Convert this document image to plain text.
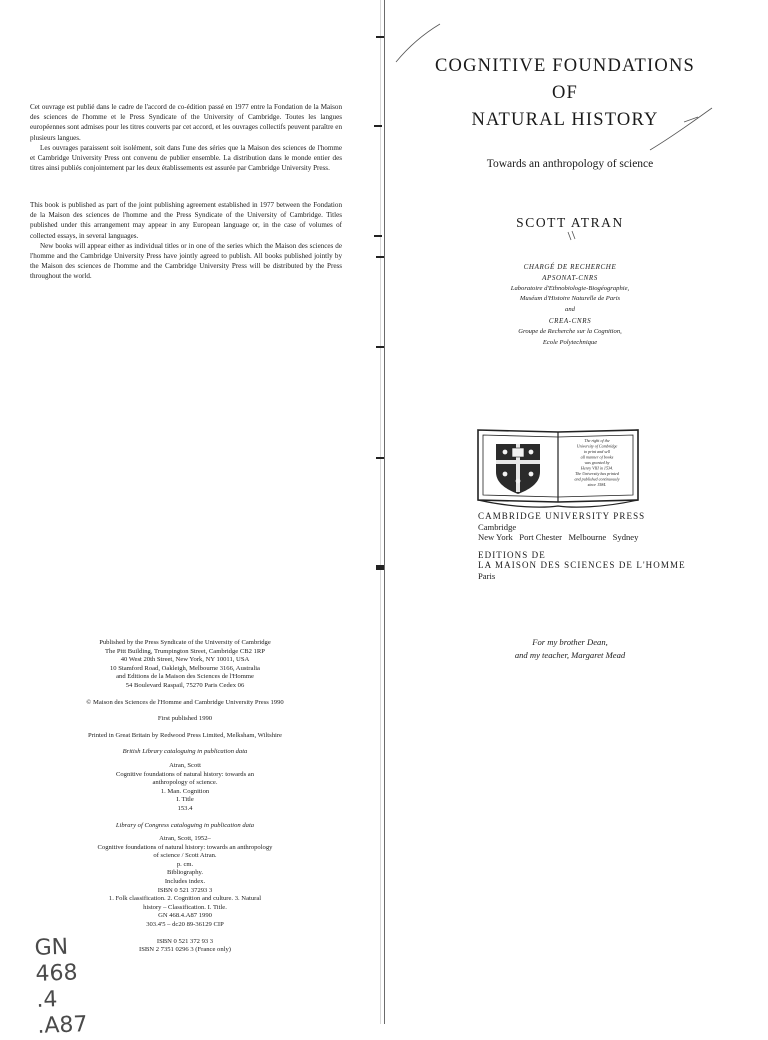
Cet ouvrage est publié dans le cadre de l'accord de co-édition passé en 1977 entre la Fondation de la Maison des sciences de l'homme et le Press Syndicate of the University of Cambridge. Toutes les langues européennes sont admises pour les titres couverts par cet accord, et les ouvrages collectifs peuvent paraître en plusieurs langues.

Les ouvrages paraissent soit isolément, soit dans l'une des séries que la Maison des sciences de l'homme et Cambridge University Press ont convenu de publier ensemble. La distribution dans le monde entier des titres ainsi publiés conjointement par les deux établissements est assurée par Cambridge University Press.

This book is published as part of the joint publishing agreement established in 1977 between the Fondation de la Maison des sciences de l'homme and the Press Syndicate of the University of Cambridge. Titles published under this arrangement may appear in any European language or, in the case of volumes of collected essays, in several languages.

New books will appear either as individual titles or in one of the series which the Maison des sciences de l'homme and the Cambridge University Press have jointly agreed to publish. All books published jointly by the Maison des sciences de l'homme and the Cambridge University Press will be distributed by the Press throughout the world.

Published by the Press Syndicate of the University of Cambridge
The Pitt Building, Trumpington Street, Cambridge CB2 1RP
40 West 20th Street, New York, NY 10011, USA
10 Stamford Road, Oakleigh, Melbourne 3166, Australia
and Editions de la Maison des Sciences de l'Homme
54 Boulevard Raspail, 75270 Paris Cedex 06
© Maison des Sciences de l'Homme and Cambridge University Press 1990
First published 1990
Printed in Great Britain by Redwood Press Limited, Melksham, Wiltshire
British Library cataloguing in publication data
Atran, Scott
Cognitive foundations of natural history: towards an
anthropology of science.
1. Man. Cognition
I. Title
153.4
Library of Congress cataloguing in publication data
Atran, Scott, 1952–
Cognitive foundations of natural history: towards an anthropology
of science / Scott Atran.
p. cm.
Bibliography.
Includes index.
ISBN 0 521 37293 3
1. Folk classification. 2. Cognition and culture. 3. Natural
history – Classification. I. Title.
GN 468.4.A87 1990
303.4'5 – dc20 89-36129 CIP
ISBN 0 521 372 93 3
ISBN 2 7351 0296 3 (France only)
GN
468
.4
.A87
COGNITIVE FOUNDATIONS
OF
NATURAL HISTORY
Towards an anthropology of science
SCOTT ATRAN
CHARGÉ DE RECHERCHE
APSONAT-CNRS
Laboratoire d'Ethnobiologie-Biogéographie,
Muséum d'Histoire Naturelle de Paris
and
CREA-CNRS
Groupe de Recherche sur la Cognition,
Ecole Polytechnique
The right of the
University of Cambridge
to print and sell
all manner of books
was granted by
Henry VIII in 1534.
The University has printed
and published continuously
since 1584.
CAMBRIDGE UNIVERSITY PRESS
Cambridge
New York   Port Chester   Melbourne   Sydney
EDITIONS DE
LA MAISON DES SCIENCES DE L'HOMME
Paris
For my brother Dean,
and my teacher, Margaret Mead
